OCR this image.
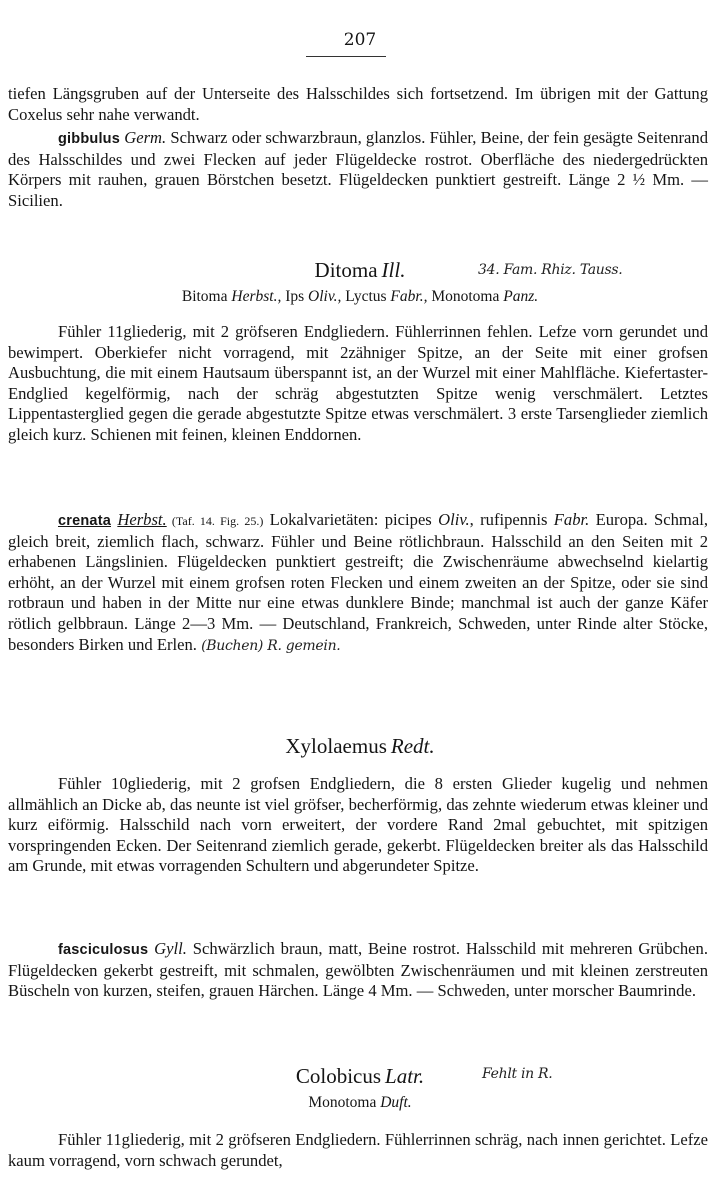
207

tiefen Längsgruben auf der Unterseite des Halsschildes sich fortsetzend. Im übrigen mit der Gattung Coxelus sehr nahe verwandt.

gibbulus Germ. Schwarz oder schwarzbraun, glanzlos. Fühler, Beine, der fein gesägte Seitenrand des Halsschildes und zwei Flecken auf jeder Flügeldecke rostrot. Oberfläche des niedergedrückten Körpers mit rauhen, grauen Börstchen besetzt. Flügeldecken punktiert gestreift. Länge 2 ½ Mm. — Sicilien.

Ditoma Ill.	34. Fam. Rhiz. Tauss.
Bitoma Herbst., Ips Oliv., Lyctus Fabr., Monotoma Panz.

Fühler 11gliederig, mit 2 gröfseren Endgliedern. Fühlerrinnen fehlen. Lefze vorn gerundet und bewimpert. Oberkiefer nicht vorragend, mit 2zähniger Spitze, an der Seite mit einer grofsen Ausbuchtung, die mit einem Hautsaum überspannt ist, an der Wurzel mit einer Mahlfläche. Kiefertaster-Endglied kegelförmig, nach der schräg abgestutzten Spitze wenig verschmälert. Letztes Lippentasterglied gegen die gerade abgestutzte Spitze etwas verschmälert. 3 erste Tarsenglieder ziemlich gleich kurz. Schienen mit feinen, kleinen Enddornen.

crenata Herbst. (Taf. 14. Fig. 25.) Lokalvarietäten: picipes Oliv., rufipennis Fabr. Europa. Schmal, gleich breit, ziemlich flach, schwarz. Fühler und Beine rötlichbraun. Halsschild an den Seiten mit 2 erhabenen Längslinien. Flügeldecken punktiert gestreift; die Zwischenräume abwechselnd kielartig erhöht, an der Wurzel mit einem grofsen roten Flecken und einem zweiten an der Spitze, oder sie sind rotbraun und haben in der Mitte nur eine etwas dunklere Binde; manchmal ist auch der ganze Käfer rötlich gelbbraun. Länge 2—3 Mm. — Deutschland, Frankreich, Schweden, unter Rinde alter Stöcke, besonders Birken und Erlen. (Buchen) R. gemein.

Xylolaemus Redt.

Fühler 10gliederig, mit 2 grofsen Endgliedern, die 8 ersten Glieder kugelig und nehmen allmählich an Dicke ab, das neunte ist viel gröfser, becherförmig, das zehnte wiederum etwas kleiner und kurz eiförmig. Halsschild nach vorn erweitert, der vordere Rand 2mal gebuchtet, mit spitzigen vorspringenden Ecken. Der Seitenrand ziemlich gerade, gekerbt. Flügeldecken breiter als das Halsschild am Grunde, mit etwas vorragenden Schultern und abgerundeter Spitze.

fasciculosus Gyll. Schwärzlich braun, matt, Beine rostrot. Halsschild mit mehreren Grübchen. Flügeldecken gekerbt gestreift, mit schmalen, gewölbten Zwischenräumen und mit kleinen zerstreuten Büscheln von kurzen, steifen, grauen Härchen. Länge 4 Mm. — Schweden, unter morscher Baumrinde.

Colobicus Latr.	Fehlt in R.
Monotoma Duft.

Fühler 11gliederig, mit 2 gröfseren Endgliedern. Fühlerrinnen schräg, nach innen gerichtet. Lefze kaum vorragend, vorn schwach gerundet,
